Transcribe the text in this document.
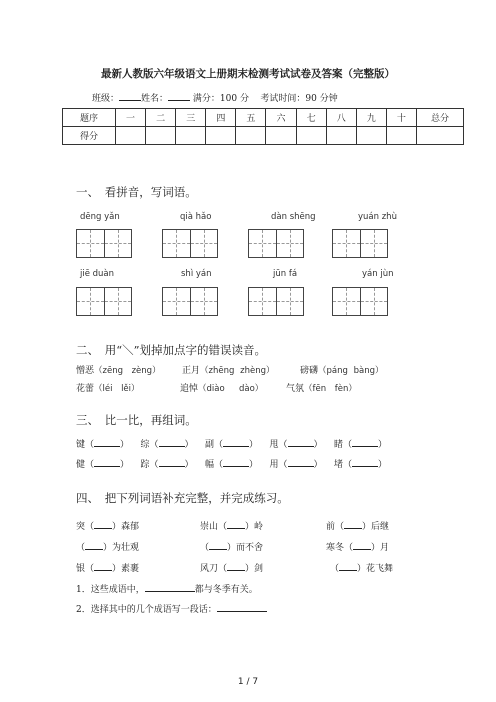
最新人教版六年级语文上册期末检测考试试卷及答案（完整版）
班级： 姓名：	满分：100 分 考试时间：90 分钟
题序	一	二	三	四	五	六	七	八	九	十	总分
得分											
一、　看拼音，写词语。
dēng yǎn	qià hǎo	dàn shēng	yuán zhù
jiē duàn	shì yán	jūn fá	yán jùn
二、　用“＼”划掉加点字的错误读音。
憎恶（zēng zèng） 正月（zhēng zhèng）	磅礴（páng bàng）
花蕾（léi lěi）	追悼（diào dào）	气氛（fēn fèn）
三、　比一比，再组词。
键（	） 综（	） 副（	） 甩（	） 睹（	）
健（	） 踪（	） 幅（	） 用（	） 堵（	）
四、　把下列词语补充完整，并完成练习。
突（ ）森郁	崇山（ ）岭	前（ ）后继
（ ）为壮观	（ ）而不舍	寒冬（ ）月
银（ ）素裹	风刀（ ）剑	（ ）花飞舞
1．这些成语中，	都与冬季有关。
2．选择其中的几个成语写一段话：
1 / 7
